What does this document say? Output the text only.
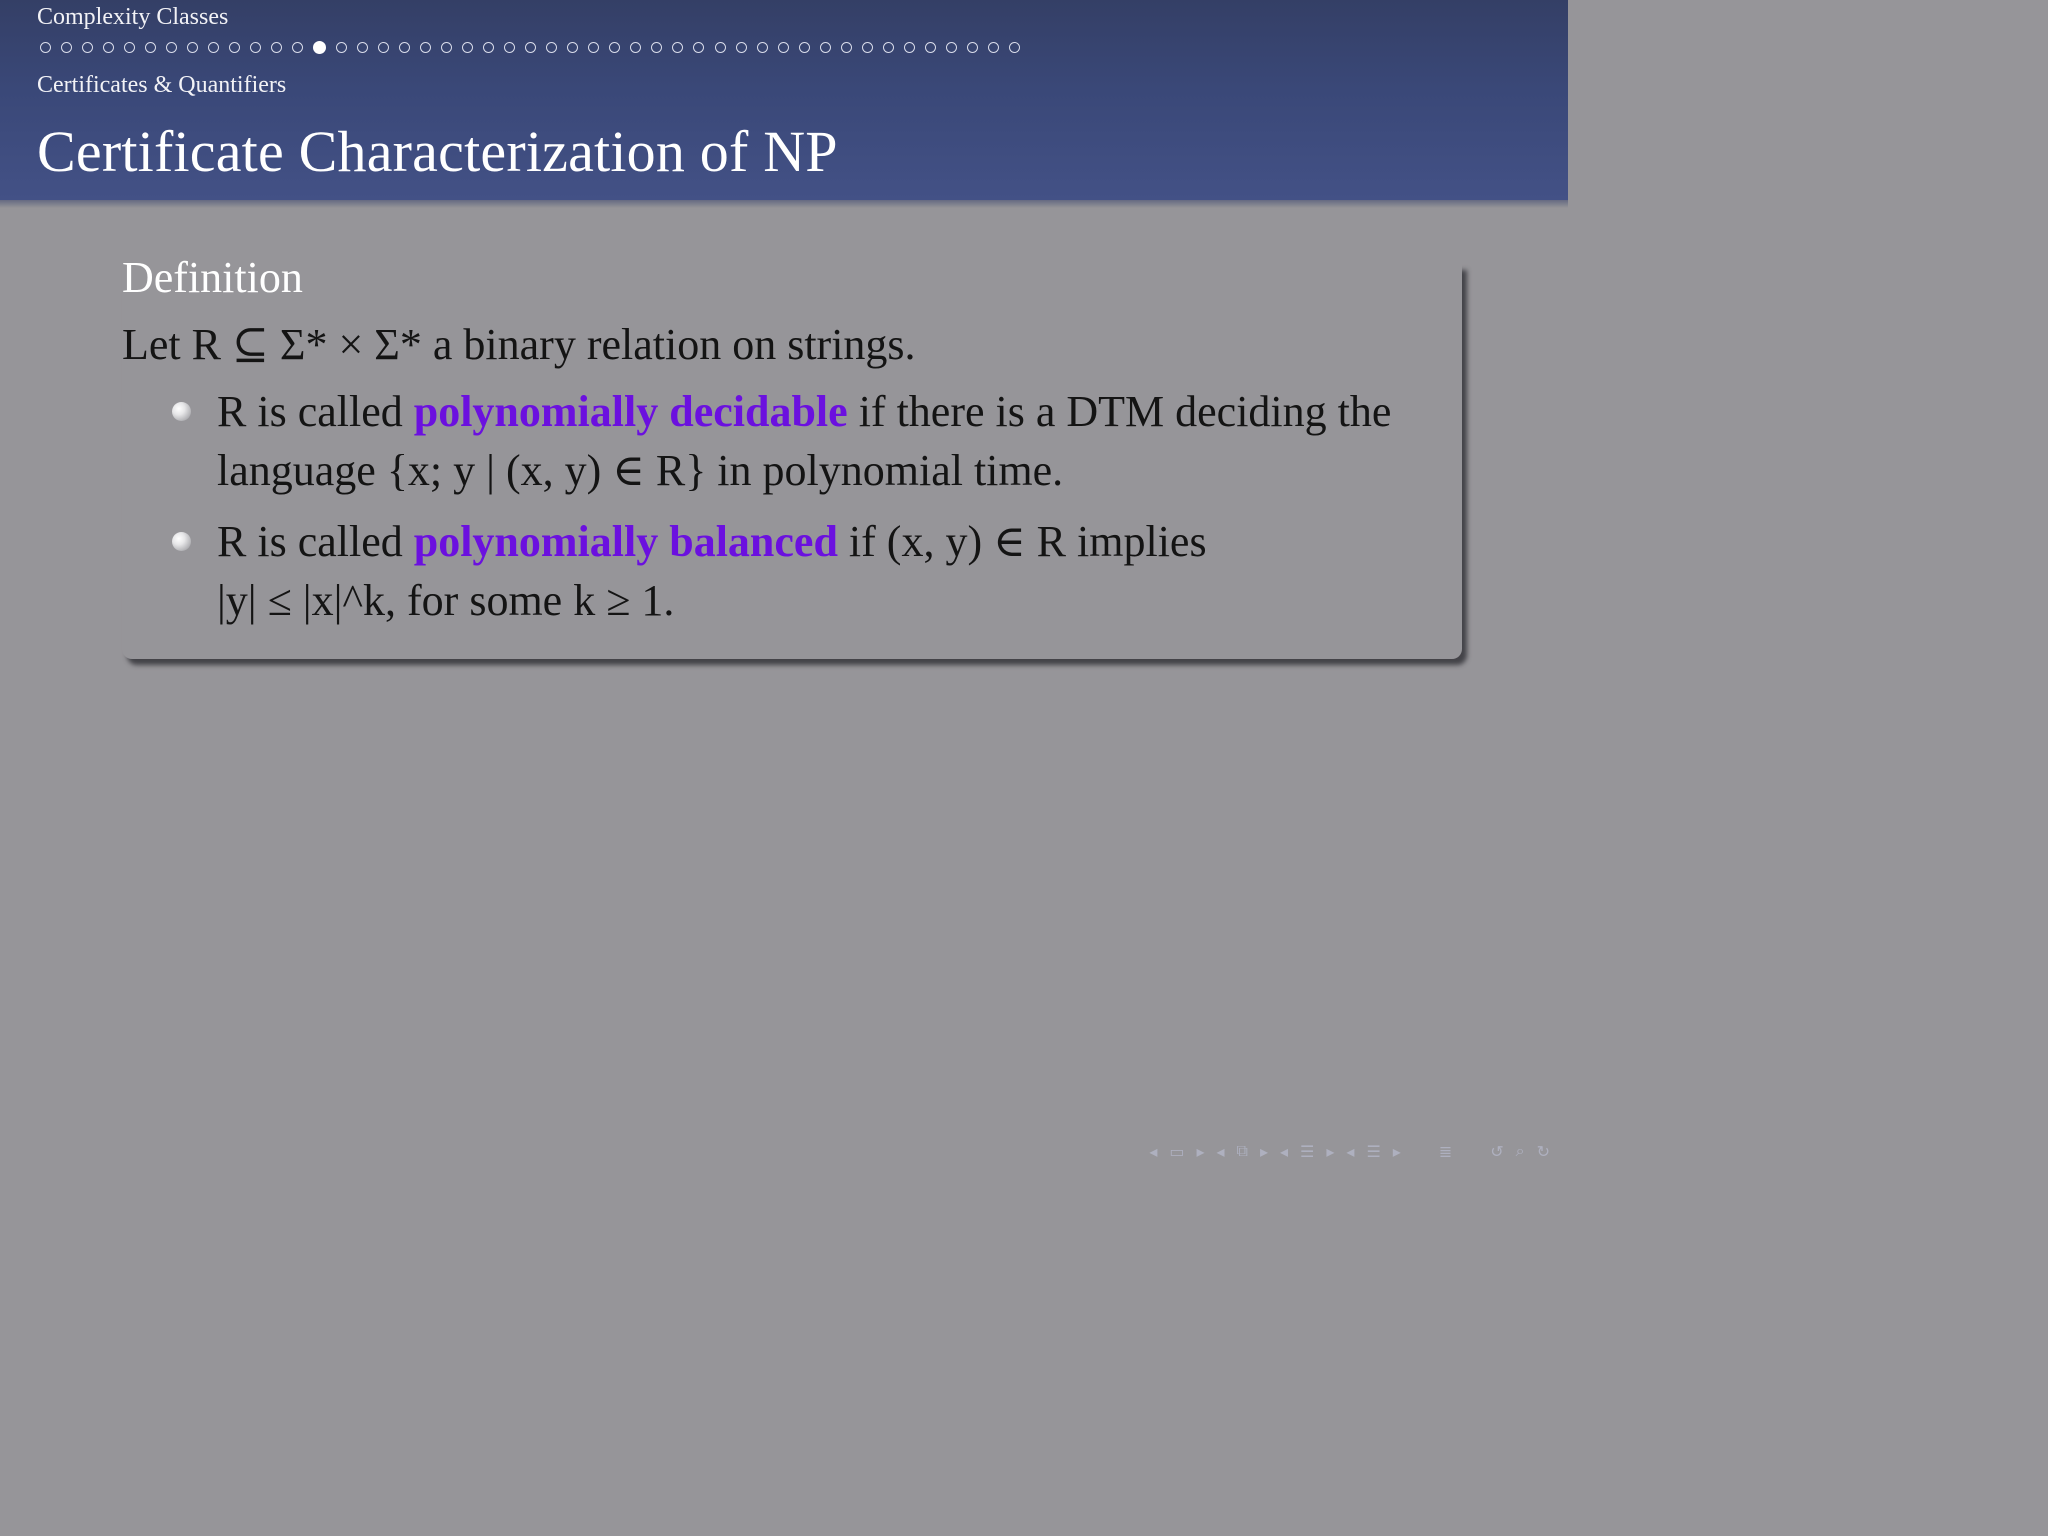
Complexity Classes
Certificates & Quantifiers
Certificate Characterization of NP
Definition
Let R ⊆ Σ* × Σ* a binary relation on strings.
R is called polynomially decidable if there is a DTM deciding the
language {x; y | (x, y) ∈ R} in polynomial time.
R is called polynomially balanced if (x, y) ∈ R implies
|y| ≤ |x|^k, for some k ≥ 1.
◂ ▭ ▸ ◂ ⧉ ▸ ◂ ☰ ▸ ◂ ☰ ▸ ≣ ↺ ⌕ ↻
